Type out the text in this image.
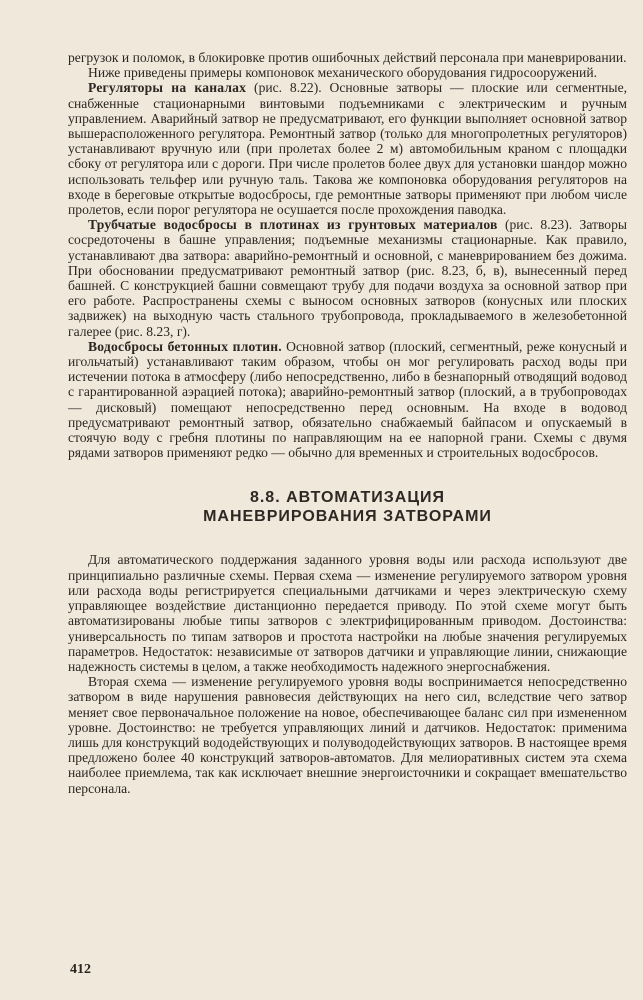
регрузок и поломок, в блокировке против ошибочных действий персонала при маневрировании.

Ниже приведены примеры компоновок механического оборудования гидросооружений.

Регуляторы на каналах (рис. 8.22). Основные затворы — плоские или сегментные, снабженные стационарными винтовыми подъемниками с электрическим и ручным управлением. Аварийный затвор не предусматривают, его функции выполняет основной затвор вышерасположенного регулятора. Ремонтный затвор (только для многопролетных регуляторов) устанавливают вручную или (при пролетах более 2 м) автомобильным краном с площадки сбоку от регулятора или с дороги. При числе пролетов более двух для установки шандор можно использовать тельфер или ручную таль. Такова же компоновка оборудования регуляторов на входе в береговые открытые водосбросы, где ремонтные затворы применяют при любом числе пролетов, если порог регулятора не осушается после прохождения паводка.

Трубчатые водосбросы в плотинах из грунтовых материалов (рис. 8.23). Затворы сосредоточены в башне управления; подъемные механизмы стационарные. Как правило, устанавливают два затвора: аварийно-ремонтный и основной, с маневрированием без дожима. При обосновании предусматривают ремонтный затвор (рис. 8.23, б, в), вынесенный перед башней. С конструкцией башни совмещают трубу для подачи воздуха за основной затвор при его работе. Распространены схемы с выносом основных затворов (конусных или плоских задвижек) на выходную часть стального трубопровода, прокладываемого в железобетонной галерее (рис. 8.23, г).

Водосбросы бетонных плотин. Основной затвор (плоский, сегментный, реже конусный и игольчатый) устанавливают таким образом, чтобы он мог регулировать расход воды при истечении потока в атмосферу (либо непосредственно, либо в безнапорный отводящий водовод с гарантированной аэрацией потока); аварийно-ремонтный затвор (плоский, а в трубопроводах — дисковый) помещают непосредственно перед основным. На входе в водовод предусматривают ремонтный затвор, обязательно снабжаемый байпасом и опускаемый в стоячую воду с гребня плотины по направляющим на ее напорной грани. Схемы с двумя рядами затворов применяют редко — обычно для временных и строительных водосбросов.

8.8. АВТОМАТИЗАЦИЯ
МАНЕВРИРОВАНИЯ ЗАТВОРАМИ

Для автоматического поддержания заданного уровня воды или расхода используют две принципиально различные схемы. Первая схема — изменение регулируемого затвором уровня или расхода воды регистрируется специальными датчиками и через электрическую схему управляющее воздействие дистанционно передается приводу. По этой схеме могут быть автоматизированы любые типы затворов с электрифицированным приводом. Достоинства: универсальность по типам затворов и простота настройки на любые значения регулируемых параметров. Недостаток: независимые от затворов датчики и управляющие линии, снижающие надежность системы в целом, а также необходимость надежного энергоснабжения.

Вторая схема — изменение регулируемого уровня воды воспринимается непосредственно затвором в виде нарушения равновесия действующих на него сил, вследствие чего затвор меняет свое первоначальное положение на новое, обеспечивающее баланс сил при измененном уровне. Достоинство: не требуется управляющих линий и датчиков. Недостаток: применима лишь для конструкций вододействующих и полувододействующих затворов. В настоящее время предложено более 40 конструкций затворов-автоматов. Для мелиоративных систем эта схема наиболее приемлема, так как исключает внешние энергоисточники и сокращает вмешательство персонала.

412
